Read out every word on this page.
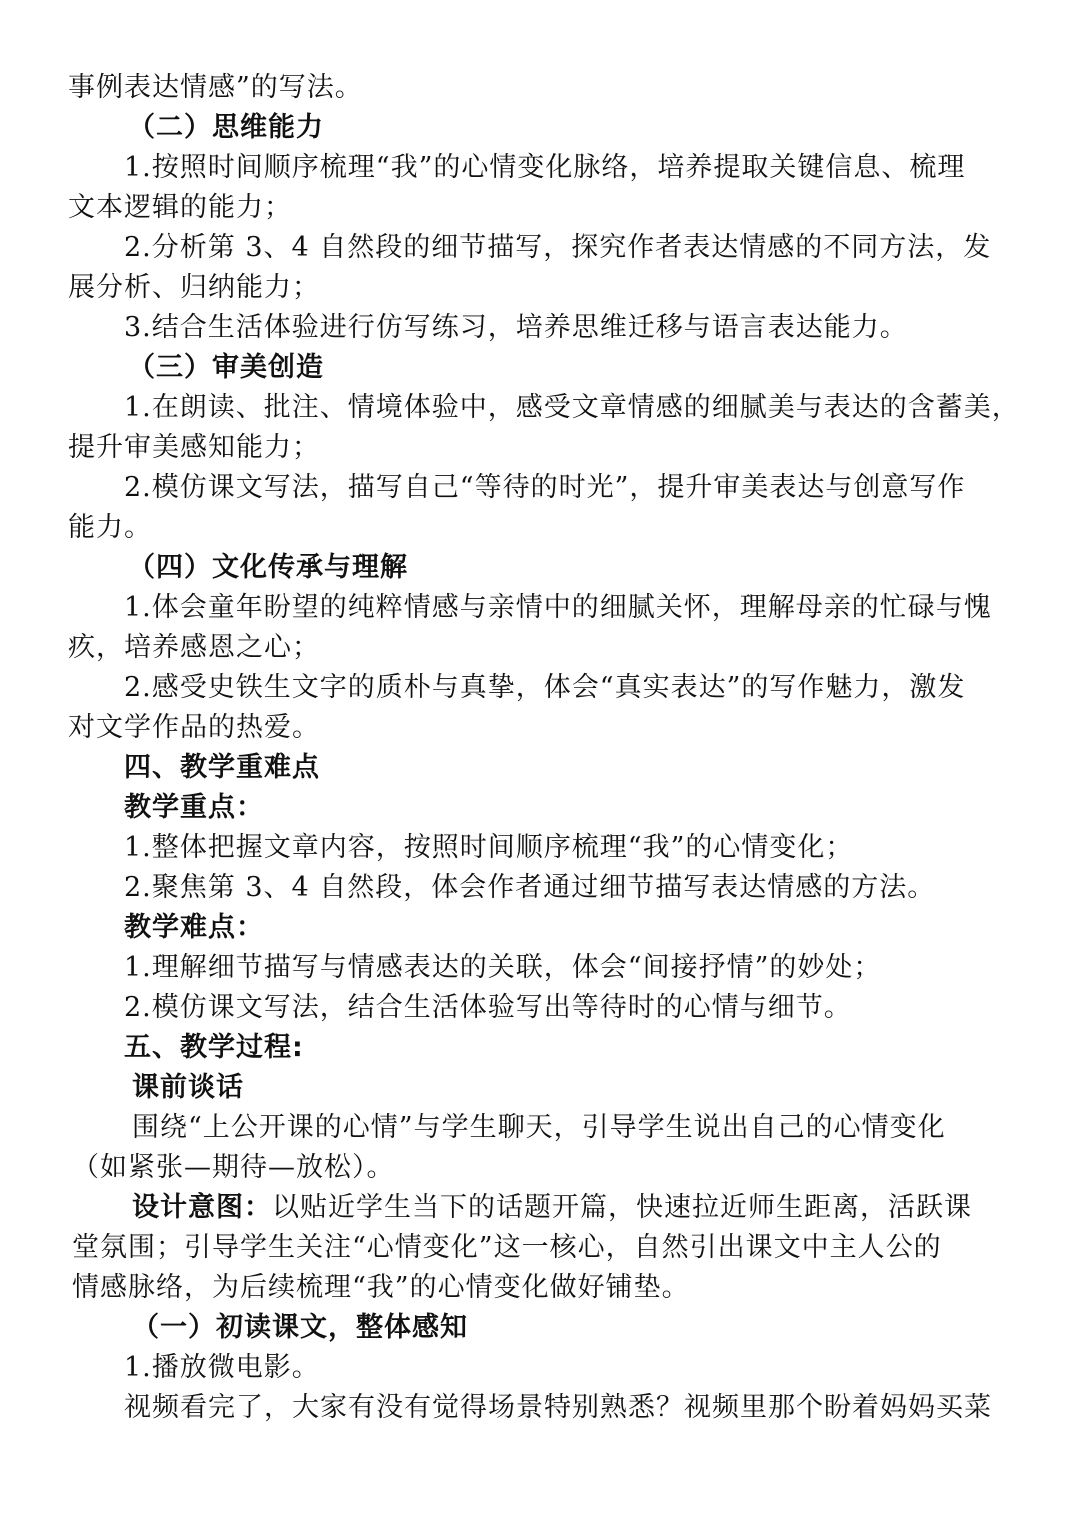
事例表达情感”的写法。

（二）思维能力

1.按照时间顺序梳理“我”的心情变化脉络，培养提取关键信息、梳理

文本逻辑的能力；

2.分析第 3、4 自然段的细节描写，探究作者表达情感的不同方法，发

展分析、归纳能力；

3.结合生活体验进行仿写练习，培养思维迁移与语言表达能力。

（三）审美创造

1.在朗读、批注、情境体验中，感受文章情感的细腻美与表达的含蓄美，

提升审美感知能力；

2.模仿课文写法，描写自己“等待的时光”，提升审美表达与创意写作

能力。

（四）文化传承与理解

1.体会童年盼望的纯粹情感与亲情中的细腻关怀，理解母亲的忙碌与愧

疚，培养感恩之心；

2.感受史铁生文字的质朴与真挚，体会“真实表达”的写作魅力，激发

对文学作品的热爱。

四、教学重难点

教学重点：

1.整体把握文章内容，按照时间顺序梳理“我”的心情变化；

2.聚焦第 3、4 自然段，体会作者通过细节描写表达情感的方法。

教学难点：

1.理解细节描写与情感表达的关联，体会“间接抒情”的妙处；

2.模仿课文写法，结合生活体验写出等待时的心情与细节。

五、教学过程:

课前谈话

围绕“上公开课的心情”与学生聊天，引导学生说出自己的心情变化

（如紧张—期待—放松）。

设计意图：以贴近学生当下的话题开篇，快速拉近师生距离，活跃课

堂氛围；引导学生关注“心情变化”这一核心，自然引出课文中主人公的

情感脉络，为后续梳理“我”的心情变化做好铺垫。

（一）初读课文，整体感知

1.播放微电影。

视频看完了，大家有没有觉得场景特别熟悉？视频里那个盼着妈妈买菜
